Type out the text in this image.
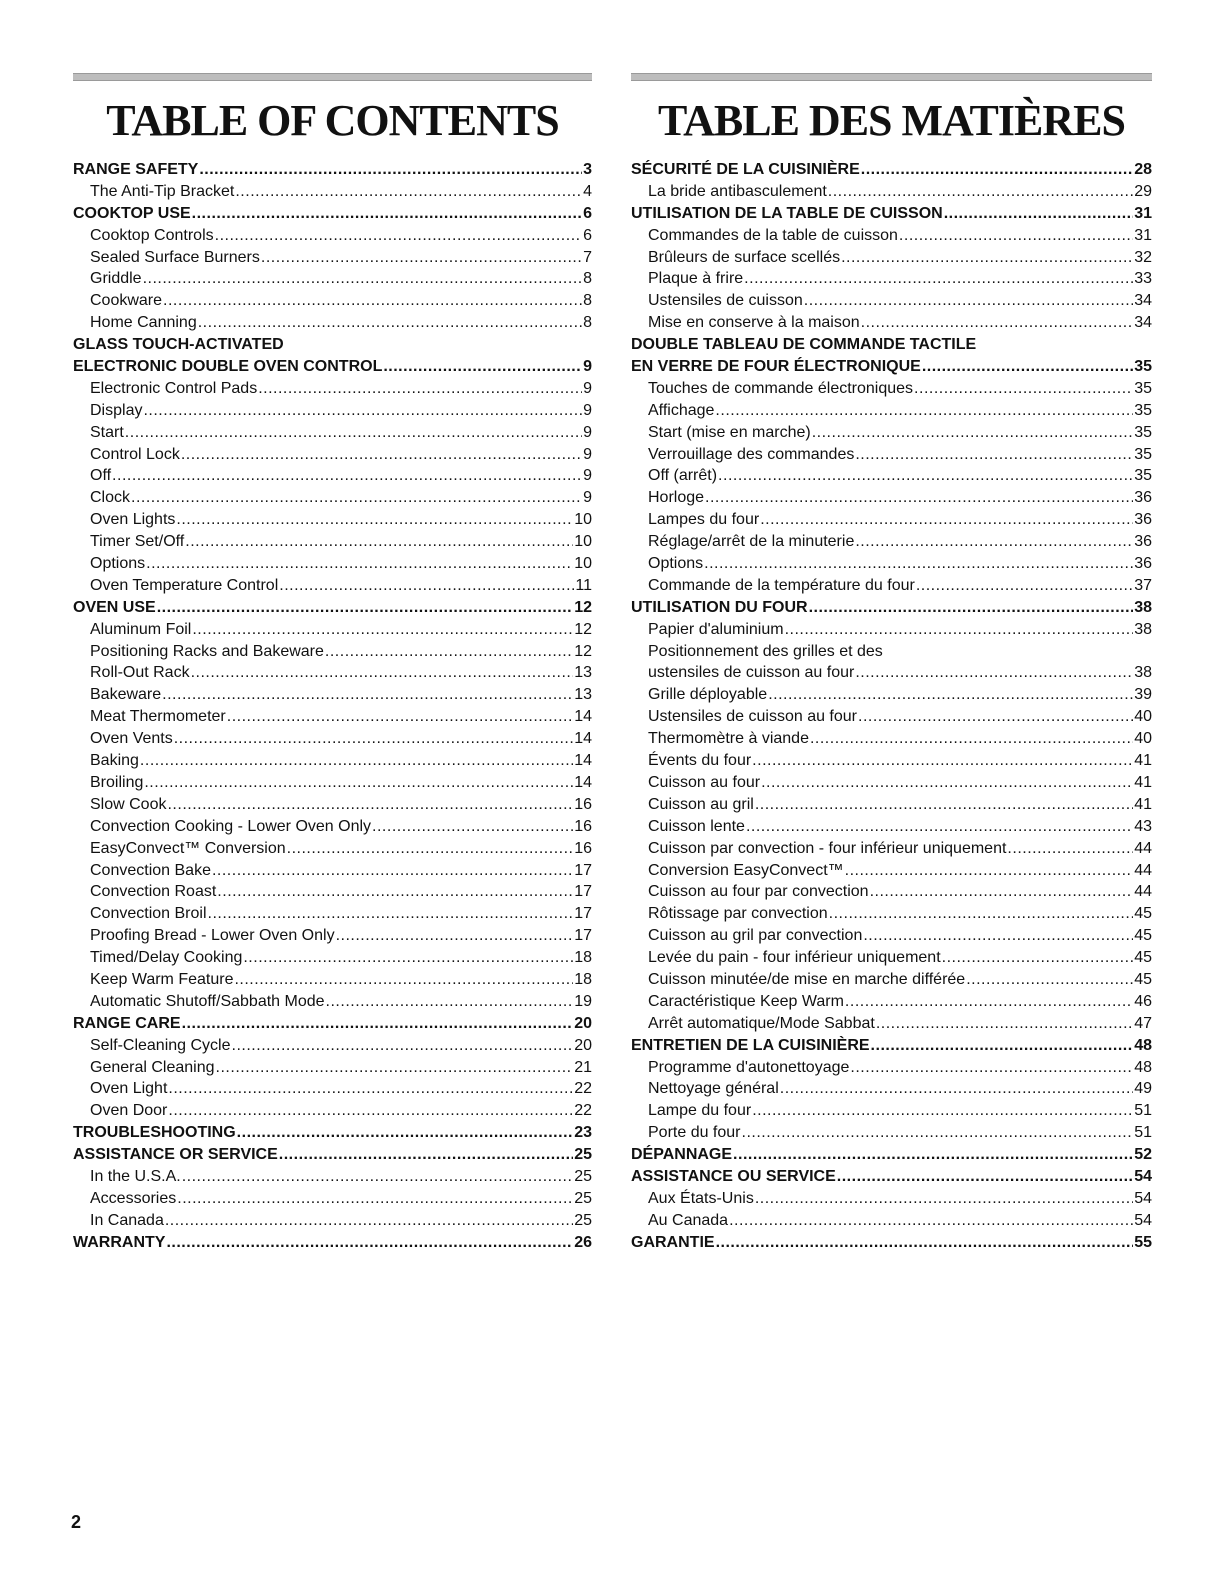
TABLE OF CONTENTS
RANGE SAFETY .....	3
The Anti-Tip Bracket .....	4
COOKTOP USE .....	6
Cooktop Controls .....	6
Sealed Surface Burners .....	7
Griddle .....	8
Cookware .....	8
Home Canning .....	8
GLASS TOUCH-ACTIVATED
ELECTRONIC DOUBLE OVEN CONTROL .....	9
Electronic Control Pads .....	9
Display .....	9
Start .....	9
Control Lock .....	9
Off .....	9
Clock .....	9
Oven Lights .....	10
Timer Set/Off .....	10
Options .....	10
Oven Temperature Control .....	11
OVEN USE .....	12
Aluminum Foil .....	12
Positioning Racks and Bakeware .....	12
Roll-Out Rack .....	13
Bakeware .....	13
Meat Thermometer .....	14
Oven Vents .....	14
Baking .....	14
Broiling .....	14
Slow Cook .....	16
Convection Cooking - Lower Oven Only .....	16
EasyConvect™ Conversion .....	16
Convection Bake .....	17
Convection Roast .....	17
Convection Broil .....	17
Proofing Bread - Lower Oven Only .....	17
Timed/Delay Cooking .....	18
Keep Warm Feature .....	18
Automatic Shutoff/Sabbath Mode .....	19
RANGE CARE .....	20
Self-Cleaning Cycle .....	20
General Cleaning .....	21
Oven Light .....	22
Oven Door .....	22
TROUBLESHOOTING .....	23
ASSISTANCE OR SERVICE .....	25
In the U.S.A. .....	25
Accessories .....	25
In Canada .....	25
WARRANTY .....	26
TABLE DES MATIÈRES
SÉCURITÉ DE LA CUISINIÈRE .....	28
La bride antibasculement .....	29
UTILISATION DE LA TABLE DE CUISSON .....	31
Commandes de la table de cuisson .....	31
Brûleurs de surface scellés .....	32
Plaque à frire .....	33
Ustensiles de cuisson .....	34
Mise en conserve à la maison .....	34
DOUBLE TABLEAU DE COMMANDE TACTILE
EN VERRE DE FOUR ÉLECTRONIQUE .....	35
Touches de commande électroniques .....	35
Affichage .....	35
Start (mise en marche) .....	35
Verrouillage des commandes .....	35
Off (arrêt) .....	35
Horloge .....	36
Lampes du four .....	36
Réglage/arrêt de la minuterie .....	36
Options .....	36
Commande de la température du four .....	37
UTILISATION DU FOUR .....	38
Papier d'aluminium .....	38
Positionnement des grilles et des
ustensiles de cuisson au four .....	38
Grille déployable .....	39
Ustensiles de cuisson au four .....	40
Thermomètre à viande .....	40
Évents du four .....	41
Cuisson au four .....	41
Cuisson au gril .....	41
Cuisson lente .....	43
Cuisson par convection - four inférieur uniquement .....	44
Conversion EasyConvect™ .....	44
Cuisson au four par convection .....	44
Rôtissage par convection .....	45
Cuisson au gril par convection .....	45
Levée du pain - four inférieur uniquement .....	45
Cuisson minutée/de mise en marche différée .....	45
Caractéristique Keep Warm .....	46
Arrêt automatique/Mode Sabbat .....	47
ENTRETIEN DE LA CUISINIÈRE .....	48
Programme d'autonettoyage .....	48
Nettoyage général .....	49
Lampe du four .....	51
Porte du four .....	51
DÉPANNAGE .....	52
ASSISTANCE OU SERVICE .....	54
Aux États-Unis .....	54
Au Canada .....	54
GARANTIE .....	55
2
